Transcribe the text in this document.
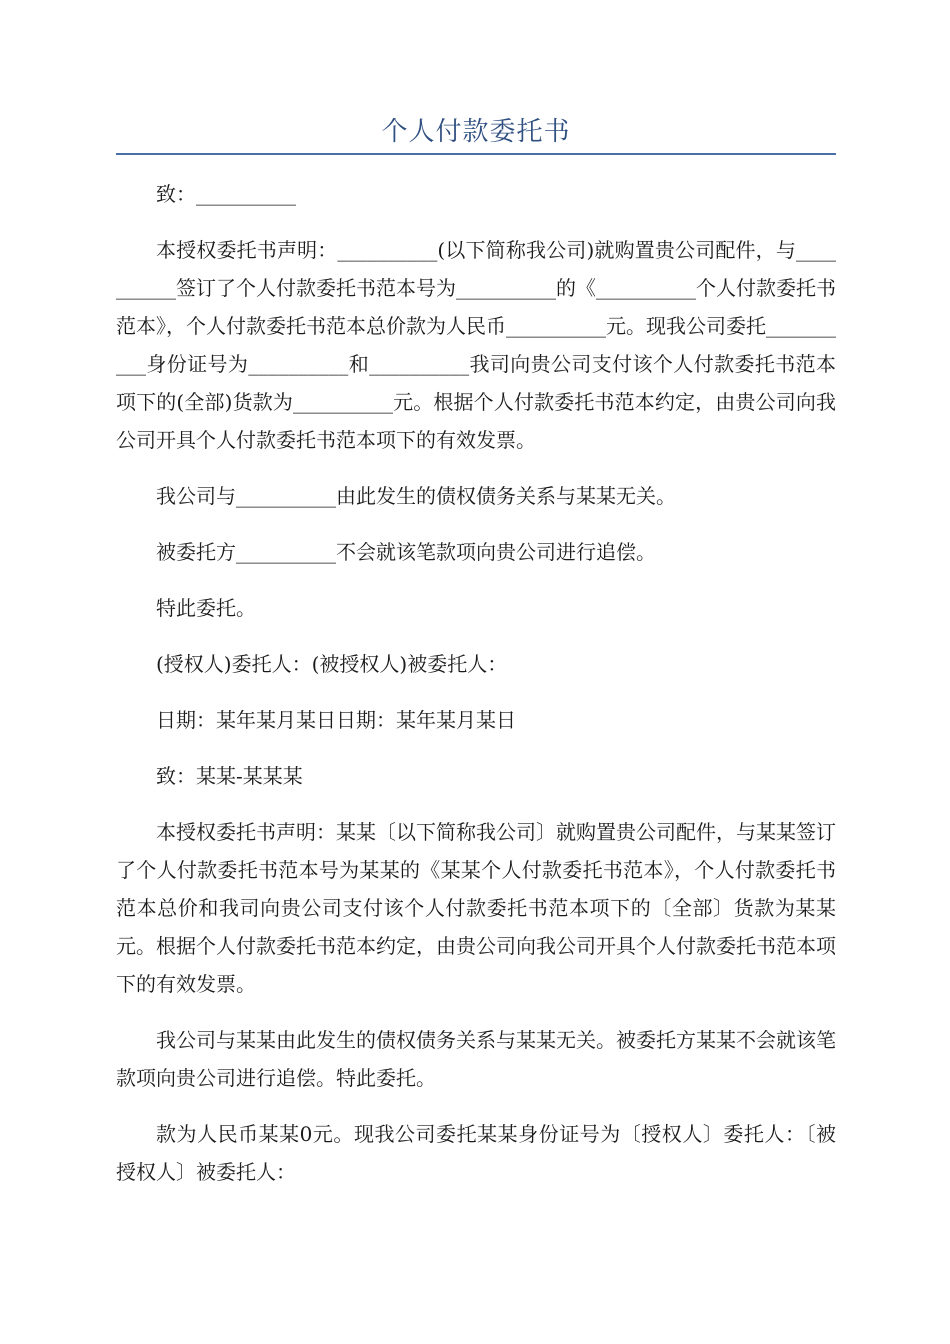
个人付款委托书

致：__________

本授权委托书声明：__________(以下简称我公司)就购置贵公司配件，与__________签订了个人付款委托书范本号为__________的《__________个人付款委托书范本》，个人付款委托书范本总价款为人民币__________元。现我公司委托__________身份证号为__________和__________我司向贵公司支付该个人付款委托书范本项下的(全部)货款为__________元。根据个人付款委托书范本约定，由贵公司向我公司开具个人付款委托书范本项下的有效发票。

我公司与__________由此发生的债权债务关系与某某无关。

被委托方__________不会就该笔款项向贵公司进行追偿。

特此委托。

(授权人)委托人：(被授权人)被委托人：

日期：某年某月某日日期：某年某月某日

致：某某-某某某

本授权委托书声明：某某〔以下简称我公司〕就购置贵公司配件，与某某签订了个人付款委托书范本号为某某的《某某个人付款委托书范本》，个人付款委托书范本总价和我司向贵公司支付该个人付款委托书范本项下的〔全部〕货款为某某元。根据个人付款委托书范本约定，由贵公司向我公司开具个人付款委托书范本项下的有效发票。

我公司与某某由此发生的债权债务关系与某某无关。被委托方某某不会就该笔款项向贵公司进行追偿。特此委托。

款为人民币某某0元。现我公司委托某某身份证号为〔授权人〕委托人：〔被授权人〕被委托人：
